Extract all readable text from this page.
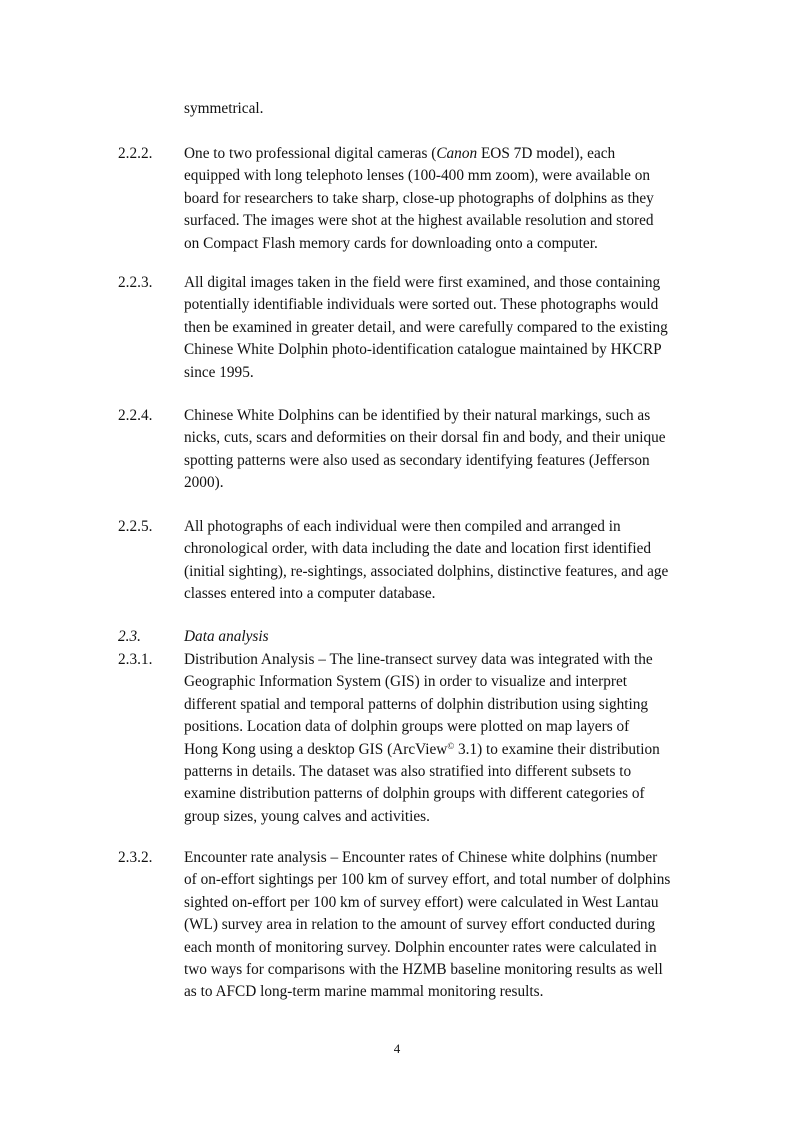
symmetrical.
2.2.2. One to two professional digital cameras (Canon EOS 7D model), each
equipped with long telephoto lenses (100-400 mm zoom), were available on
board for researchers to take sharp, close-up photographs of dolphins as they
surfaced. The images were shot at the highest available resolution and stored
on Compact Flash memory cards for downloading onto a computer.
2.2.3. All digital images taken in the field were first examined, and those containing
potentially identifiable individuals were sorted out. These photographs would
then be examined in greater detail, and were carefully compared to the existing
Chinese White Dolphin photo-identification catalogue maintained by HKCRP
since 1995.
2.2.4. Chinese White Dolphins can be identified by their natural markings, such as
nicks, cuts, scars and deformities on their dorsal fin and body, and their unique
spotting patterns were also used as secondary identifying features (Jefferson
2000).
2.2.5. All photographs of each individual were then compiled and arranged in
chronological order, with data including the date and location first identified
(initial sighting), re-sightings, associated dolphins, distinctive features, and age
classes entered into a computer database.
2.3.	Data analysis
2.3.1. Distribution Analysis – The line-transect survey data was integrated with the
Geographic Information System (GIS) in order to visualize and interpret
different spatial and temporal patterns of dolphin distribution using sighting
positions. Location data of dolphin groups were plotted on map layers of
Hong Kong using a desktop GIS (ArcView© 3.1) to examine their distribution
patterns in details. The dataset was also stratified into different subsets to
examine distribution patterns of dolphin groups with different categories of
group sizes, young calves and activities.
2.3.2. Encounter rate analysis – Encounter rates of Chinese white dolphins (number
of on-effort sightings per 100 km of survey effort, and total number of dolphins
sighted on-effort per 100 km of survey effort) were calculated in West Lantau
(WL) survey area in relation to the amount of survey effort conducted during
each month of monitoring survey. Dolphin encounter rates were calculated in
two ways for comparisons with the HZMB baseline monitoring results as well
as to AFCD long-term marine mammal monitoring results.
4
